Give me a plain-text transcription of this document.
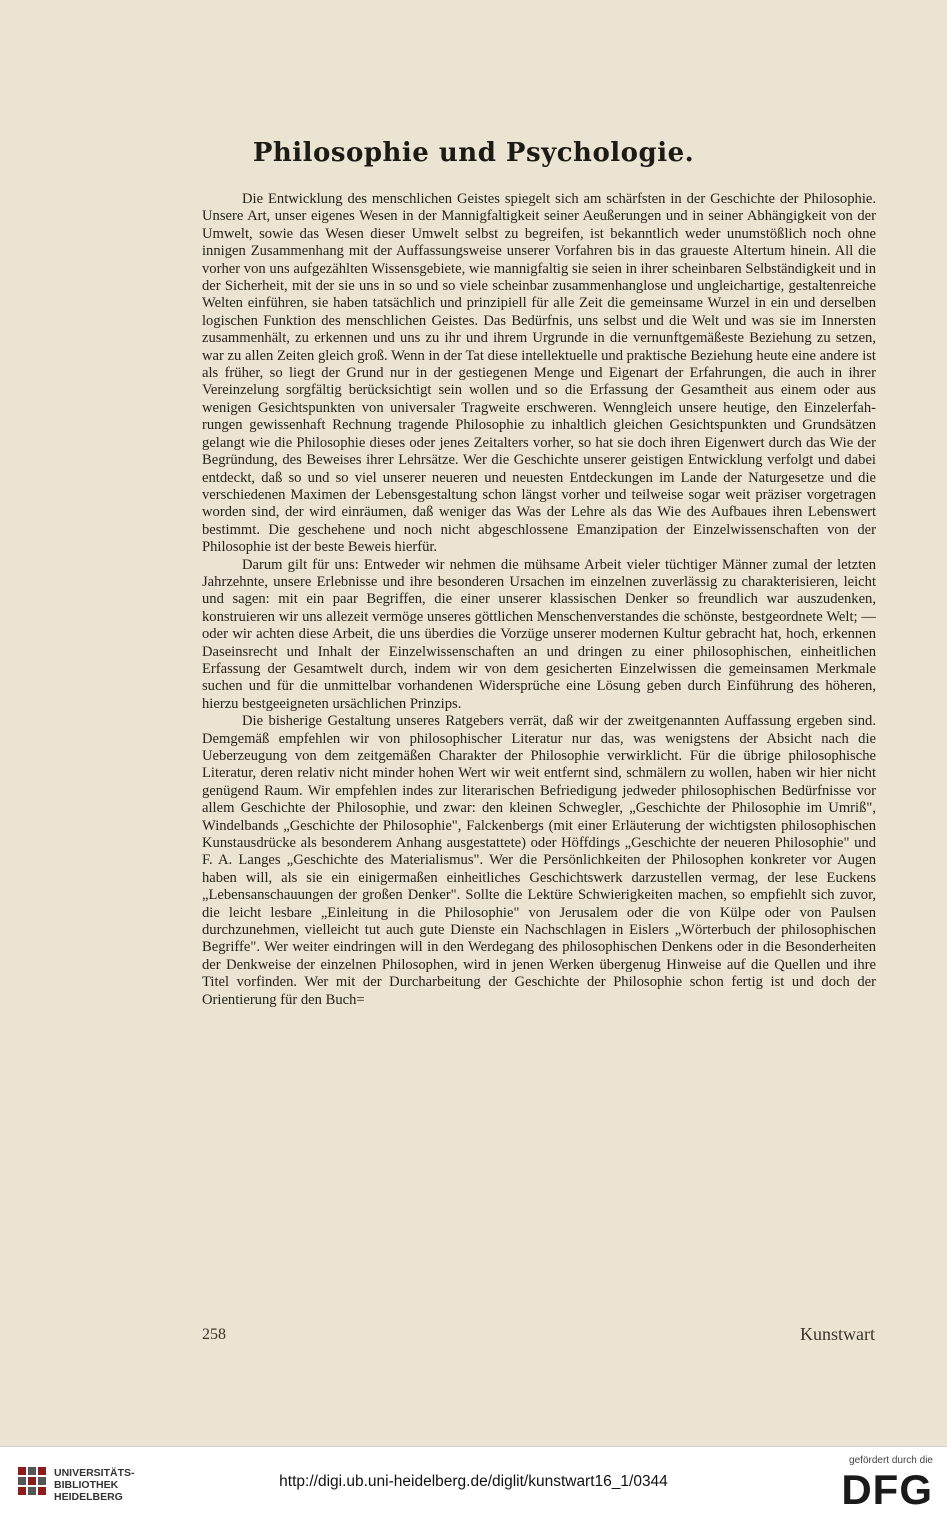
Philosophie und Psychologie.

Die Entwicklung des menschlichen Geistes spiegelt sich am schärfsten in der Geschichte der Philosophie. Unsere Art, unser eigenes Wesen in der Mannigfaltigkeit seiner Aeußerungen und in seiner Abhängigkeit von der Umwelt, sowie das Wesen dieser Umwelt selbst zu begreifen, ist bekanntlich weder unumstößlich noch ohne innigen Zusammenhang mit der Auffassungsweise unserer Vorfahren bis in das graueste Altertum hinein. All die vorher von uns aufgezählten Wissensgebiete, wie mannigfaltig sie seien in ihrer scheinbaren Selbständigkeit und in der Sicherheit, mit der sie uns in so und so viele scheinbar zusammenhanglose und ungleichartige, gestaltenreiche Welten einführen, sie haben tatsächlich und prinzipiell für alle Zeit die gemeinsame Wurzel in ein und derselben logischen Funktion des menschlichen Geistes. Das Bedürfnis, uns selbst und die Welt und was sie im Innersten zusammenhält, zu erkennen und uns zu ihr und ihrem Urgrunde in die vernunftgemäßeste Beziehung zu setzen, war zu allen Zeiten gleich groß. Wenn in der Tat diese intellektuelle und praktische Beziehung heute eine andere ist als früher, so liegt der Grund nur in der gestiegenen Menge und Eigenart der Erfahrungen, die auch in ihrer Vereinzelung sorgfältig berücksichtigt sein wollen und so die Erfassung der Gesamtheit aus einem oder aus wenigen Gesichtspunkten von universaler Tragweite erschweren. Wenngleich unsere heutige, den Einzelerfahrungen gewissenhaft Rechnung tragende Philosophie zu inhaltlich gleichen Gesichtspunkten und Grundsätzen gelangt wie die Philosophie dieses oder jenes Zeitalters vorher, so hat sie doch ihren Eigenwert durch das Wie der Begründung, des Beweises ihrer Lehrsätze. Wer die Geschichte unserer geistigen Entwicklung verfolgt und dabei entdeckt, daß so und so viel unserer neueren und neuesten Entdeckungen im Lande der Naturgesetze und die verschiedenen Maximen der Lebensgestaltung schon längst vorher und teilweise sogar weit präziser vorgetragen worden sind, der wird einräumen, daß weniger das Was der Lehre als das Wie des Aufbaues ihren Lebenswert bestimmt. Die geschehene und noch nicht abgeschlossene Emanzipation der Einzelwissenschaften von der Philosophie ist der beste Beweis hierfür.

Darum gilt für uns: Entweder wir nehmen die mühsame Arbeit vieler tüchtiger Männer zumal der letzten Jahrzehnte, unsere Erlebnisse und ihre besonderen Ursachen im einzelnen zuverlässig zu charakterisieren, leicht und sagen: mit ein paar Begriffen, die einer unserer klassischen Denker so freundlich war auszudenken, konstruieren wir uns allezeit vermöge unseres göttlichen Menschenverstandes die schönste, bestgeordnete Welt; — oder wir achten diese Arbeit, die uns überdies die Vorzüge unserer modernen Kultur gebracht hat, hoch, erkennen Daseinsrecht und Inhalt der Einzelwissenschaften an und dringen zu einer philosophischen, einheitlichen Erfassung der Gesamtwelt durch, indem wir von dem gesicherten Einzelwissen die gemeinsamen Merkmale suchen und für die unmittelbar vorhandenen Widersprüche eine Lösung geben durch Einführung des höheren, hierzu bestgeeigneten ursächlichen Prinzips.

Die bisherige Gestaltung unseres Ratgebers verrät, daß wir der zweitgenannten Auffassung ergeben sind. Demgemäß empfehlen wir von philosophischer Literatur nur das, was wenigstens der Absicht nach die Ueberzeugung von dem zeitgemäßen Charakter der Philosophie verwirklicht. Für die übrige philosophische Literatur, deren relativ nicht minder hohen Wert wir weit entfernt sind, schmälern zu wollen, haben wir hier nicht genügend Raum. Wir empfehlen indes zur literarischen Befriedigung jedweder philosophischen Bedürfnisse vor allem Geschichte der Philosophie, und zwar: den kleinen Schwegler, „Geschichte der Philosophie im Umriß", Windelbands „Geschichte der Philosophie", Falckenbergs (mit einer Erläuterung der wichtigsten philosophischen Kunstausdrücke als besonderem Anhang ausgestattete) oder Höffdings „Geschichte der neueren Philosophie" und F. A. Langes „Geschichte des Materialismus". Wer die Persönlichkeiten der Philosophen konkreter vor Augen haben will, als sie ein einigermaßen einheitliches Geschichtswerk darzustellen vermag, der lese Euckens „Lebensanschauungen der großen Denker". Sollte die Lektüre Schwierigkeiten machen, so empfiehlt sich zuvor, die leicht lesbare „Einleitung in die Philosophie" von Jerusalem oder die von Külpe oder von Paulsen durchzunehmen, vielleicht tut auch gute Dienste ein Nachschlagen in Eislers „Wörterbuch der philosophischen Begriffe". Wer weiter eindringen will in den Werdegang des philosophischen Denkens oder in die Besonderheiten der Denkweise der einzelnen Philosophen, wird in jenen Werken übergenug Hinweise auf die Quellen und ihre Titel vorfinden. Wer mit der Durcharbeitung der Geschichte der Philosophie schon fertig ist und doch der Orientierung für den Buch=

258	Kunstwart
UNIVERSITÄTS-
BIBLIOTHEK
HEIDELBERG
http://digi.ub.uni-heidelberg.de/diglit/kunstwart16_1/0344
gefördert durch die
DFG
